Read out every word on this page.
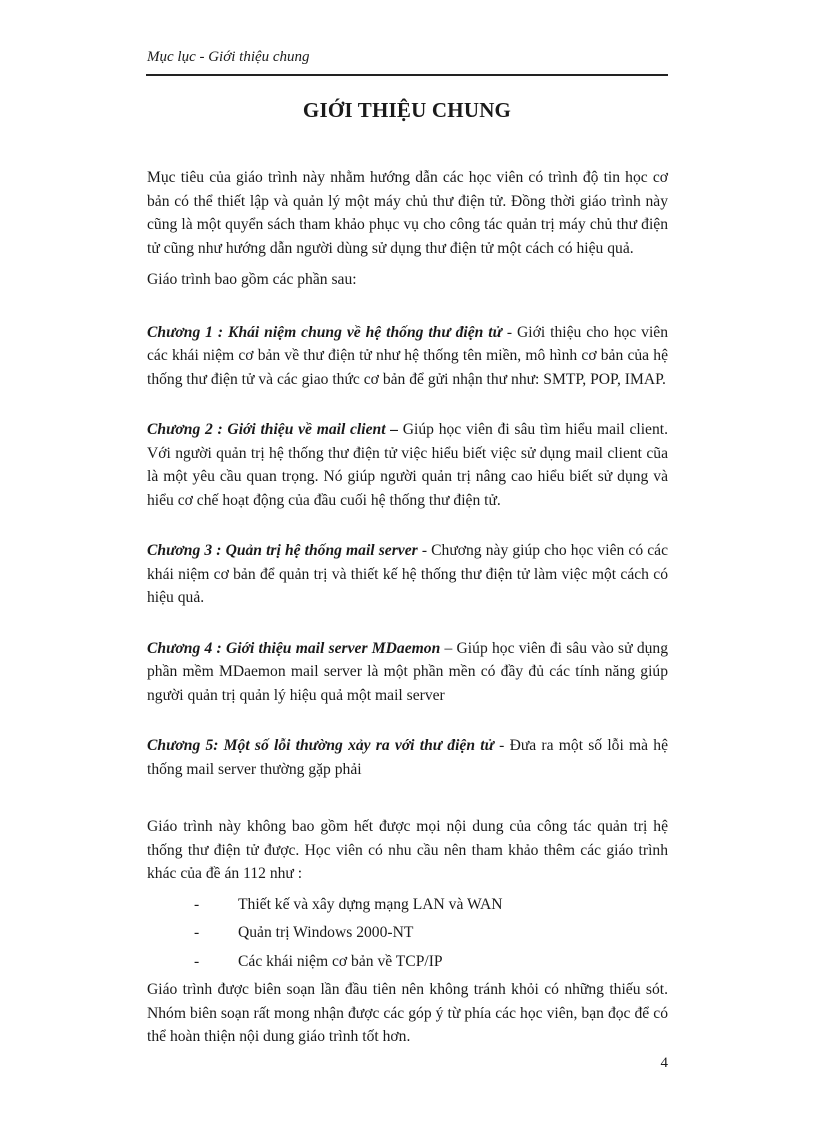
Mục lục - Giới thiệu chung
GIỚI THIỆU CHUNG

Mục tiêu của giáo trình này nhằm hướng dẫn các học viên có trình độ tin học cơ bản có thể thiết lập và quản lý một máy chủ thư điện tử. Đồng thời giáo trình này cũng là một quyển sách tham khảo phục vụ cho công tác quản trị máy chủ thư điện tử cũng như hướng dẫn người dùng sử dụng thư điện tử một cách có hiệu quả.

Giáo trình bao gồm các phần sau:

Chương 1 : Khái niệm chung về hệ thống thư điện tử - Giới thiệu cho học viên các khái niệm cơ bản về thư điện tử như hệ thống tên miền, mô hình cơ bản của hệ thống thư điện tử và các giao thức cơ bản để gửi nhận thư như: SMTP, POP, IMAP.

Chương 2 : Giới thiệu về mail client – Giúp học viên đi sâu tìm hiểu mail client. Với người quản trị hệ thống thư điện tử việc hiểu biết việc sử dụng mail client cũa là một yêu cầu quan trọng. Nó giúp người quản trị nâng cao hiểu biết sử dụng và hiểu cơ chế hoạt động của đầu cuối hệ thống thư điện tử.

Chương 3 : Quản trị hệ thống mail server - Chương này giúp cho học viên có các khái niệm cơ bản để quản trị và thiết kế hệ thống thư điện tử làm việc một cách có hiệu quả.

Chương 4 : Giới thiệu mail server MDaemon – Giúp học viên đi sâu vào sử dụng phần mềm MDaemon mail server là một phần mền có đầy đủ các tính năng giúp người quản trị quản lý hiệu quả một mail server

Chương 5: Một số lỗi thường xảy ra với thư điện tử - Đưa ra một số lỗi mà hệ thống mail server thường gặp phải

Giáo trình này không bao gồm hết được mọi nội dung của công tác quản trị hệ thống thư điện tử được. Học viên có nhu cầu nên tham khảo thêm các giáo trình khác của đề án 112 như :

- Thiết kế và xây dựng mạng LAN và WAN
- Quản trị Windows 2000-NT
- Các khái niệm cơ bản về TCP/IP

Giáo trình được biên soạn lần đầu tiên nên không tránh khỏi có những thiếu sót. Nhóm biên soạn rất mong nhận được các góp ý từ phía các học viên, bạn đọc để có thể hoàn thiện nội dung giáo trình tốt hơn.

4
